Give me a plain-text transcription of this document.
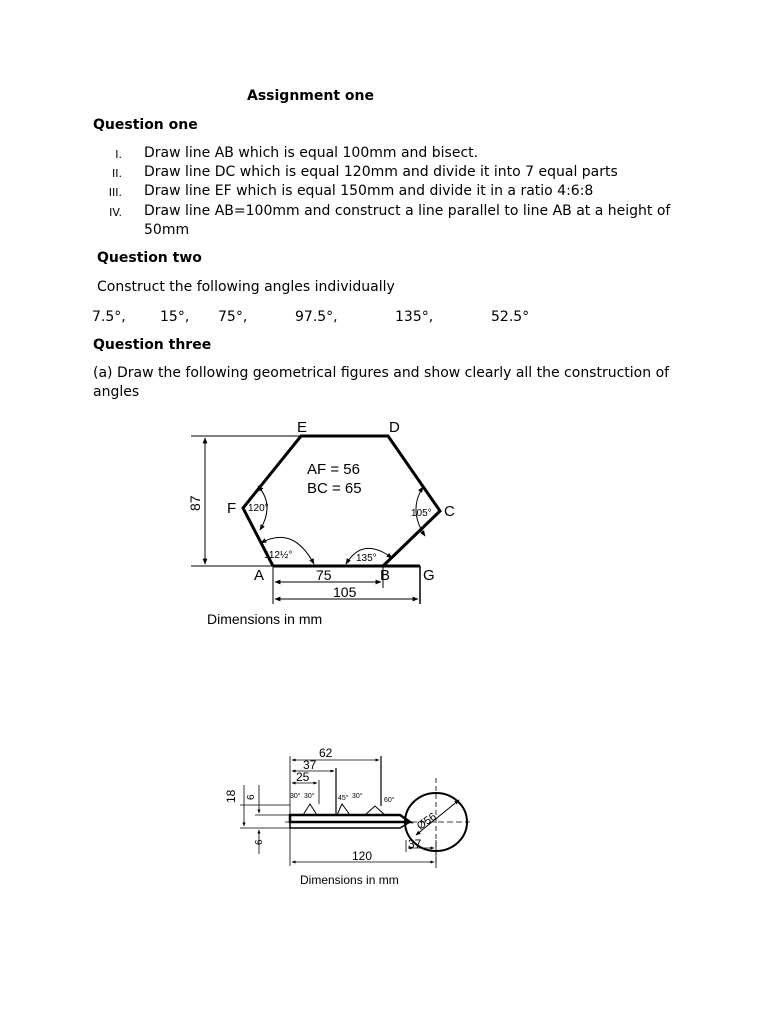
Assignment one
Question one
I. Draw line AB which is equal 100mm and bisect.
II. Draw line DC which is equal 120mm and divide it into 7 equal parts
III. Draw line EF which is equal 150mm and divide it in a ratio 4:6:8
IV. Draw line AB=100mm and construct a line parallel to line AB at a height of
50mm
Question two
Construct the following angles individually
7.5°, 15°, 75°,	97.5°,	135°,	52.5°
Question three
(a) Draw the following geometrical figures and show clearly all the construction of
angles
E	D
F	C
A	B G
AF = 56
BC = 65
75
105
87	120°	105°
112½°	135°
Dimensions in mm
62
37
25
18 6
6
30° 30°	45° 30°
60°
Ø56
37
120
Dimensions in mm
